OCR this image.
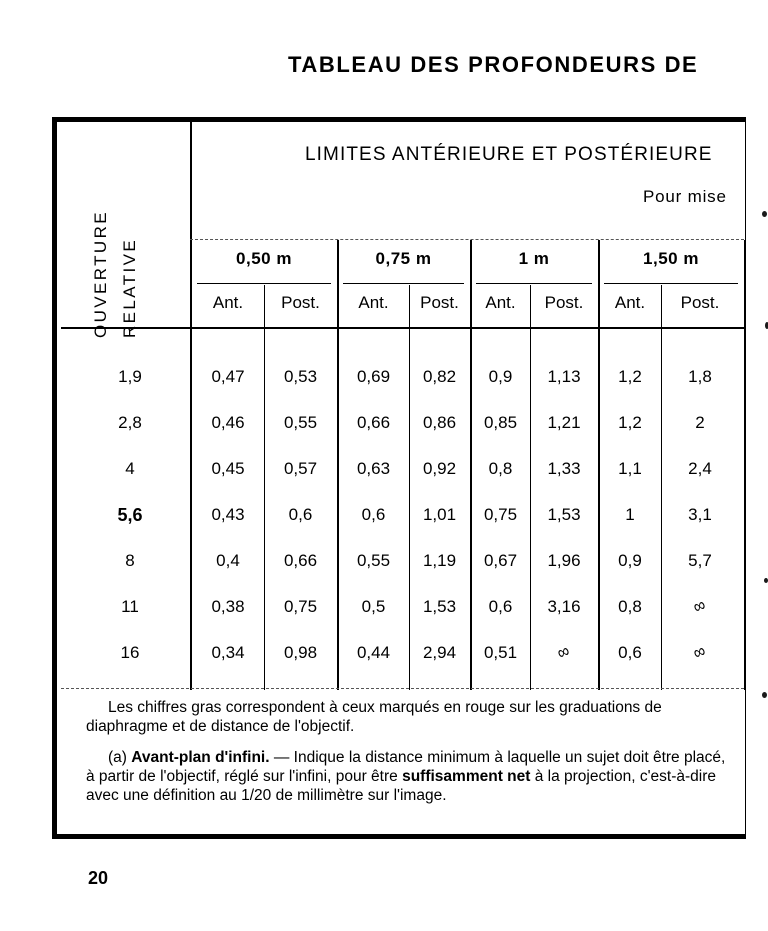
TABLEAU DES PROFONDEURS DE
OUVERTURE RELATIVE
LIMITES ANTÉRIEURE ET POSTÉRIEURE
Pour mise
0,50 m	0,75 m	1 m	1,50 m
Ant.	Post.	Ant.	Post.	Ant.	Post.	Ant.	Post.
1,9	0,47	0,53	0,69	0,82	0,9	1,13	1,2	1,8
2,8	0,46	0,55	0,66	0,86	0,85	1,21	1,2	2
4	0,45	0,57	0,63	0,92	0,8	1,33	1,1	2,4
5,6	0,43	0,6	0,6	1,01	0,75	1,53	1	3,1
8	0,4	0,66	0,55	1,19	0,67	1,96	0,9	5,7
11	0,38	0,75	0,5	1,53	0,6	3,16	0,8	∞
16	0,34	0,98	0,44	2,94	0,51	∞	0,6	∞

Les chiffres gras correspondent à ceux marqués en rouge sur les graduations de diaphragme et de distance de l'objectif.

(a) Avant-plan d'infini. — Indique la distance minimum à laquelle un sujet doit être placé, à partir de l'objectif, réglé sur l'infini, pour être suffisamment net à la projection, c'est-à-dire avec une définition au 1/20 de millimètre sur l'image.

20
